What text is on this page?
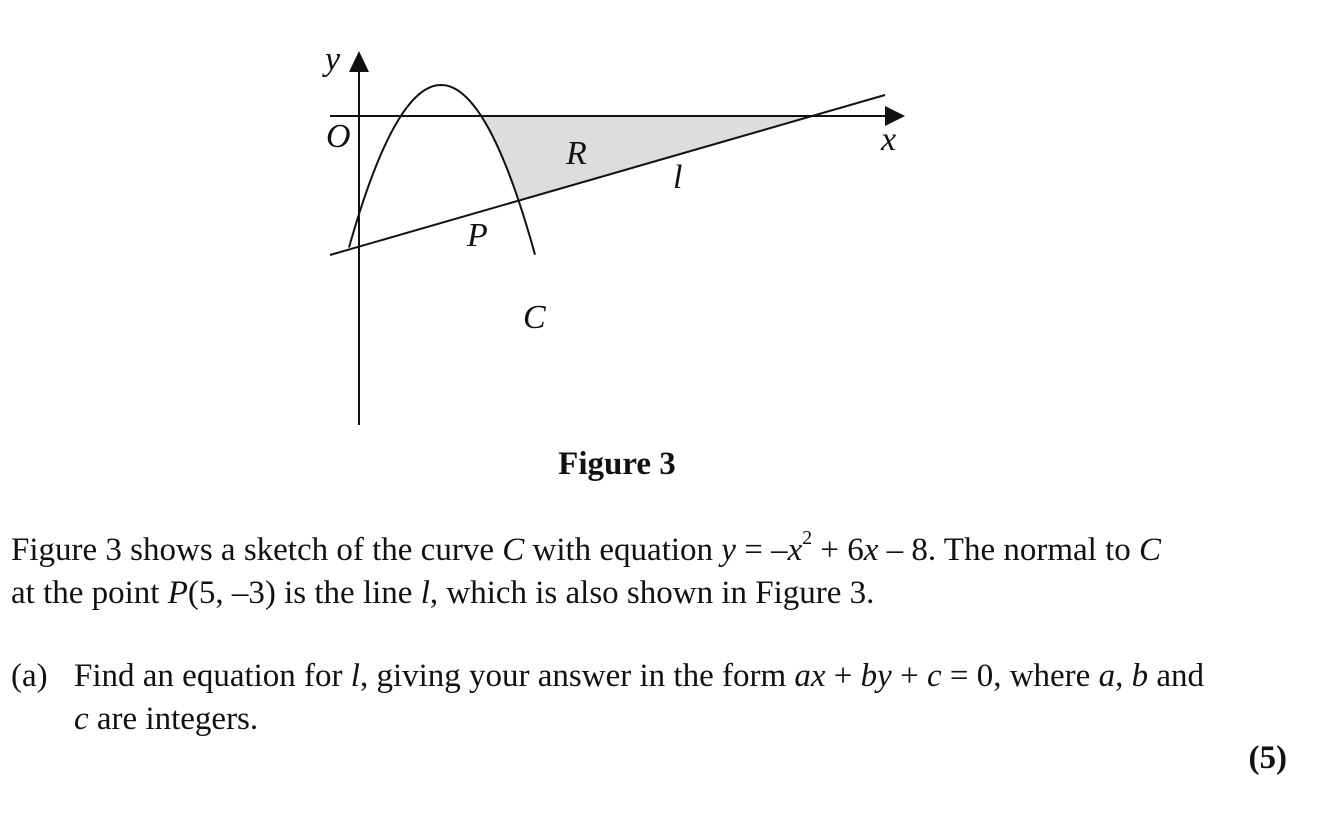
O
y
x
R
l
P
C
Figure 3
Figure 3 shows a sketch of the curve C with equation $y = -x^2 + 6x - 8$. The normal to C
at the point P(5, –3) is the line l, which is also shown in Figure 3.
(a) Find an equation for l, giving your answer in the form ax + by + c = 0, where a, b and
c are integers.
(5)
